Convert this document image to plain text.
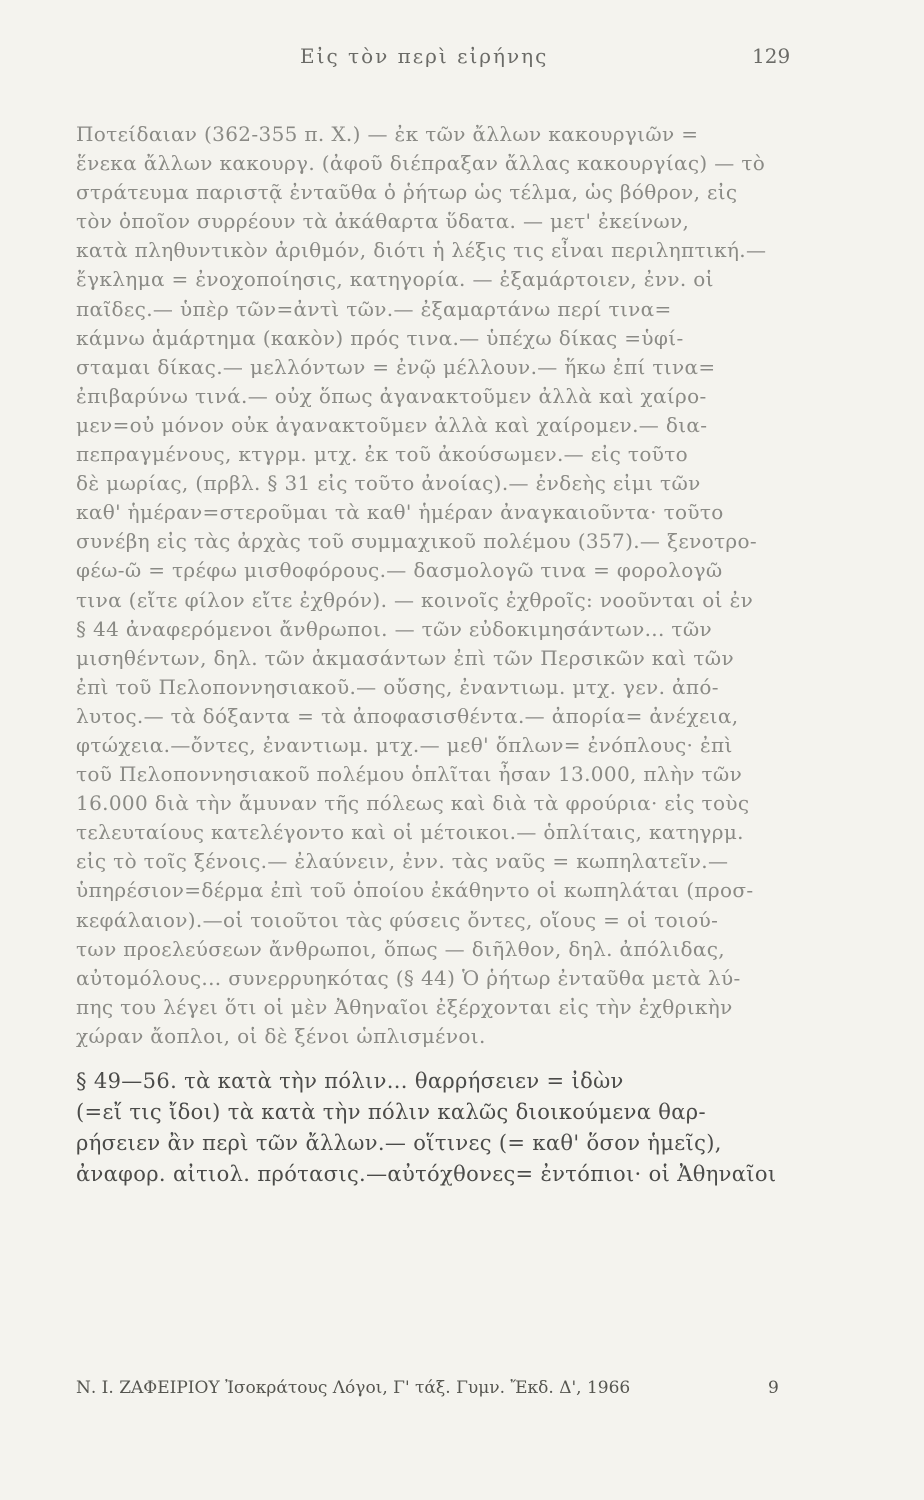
Εἰς τὸν περὶ εἰρήνης	129
Ποτείδαιαν (362-355 π. Χ.) — ἐκ τῶν ἄλλων κακουργιῶν =
ἕνεκα ἄλλων κακουργ. (ἀφοῦ διέπραξαν ἄλλας κακουργίας) — τὸ
στράτευμα παριστᾷ ἐνταῦθα ὁ ῥήτωρ ὡς τέλμα, ὡς βόθρον, εἰς
τὸν ὁποῖον συρρέουν τὰ ἀκάθαρτα ὕδατα. — μετ' ἐκείνων,
κατὰ πληθυντικὸν ἀριθμόν, διότι ἡ λέξις τις εἶναι περιληπτική.—
ἔγκλημα = ἐνοχοποίησις, κατηγορία. — ἐξαμάρτοιεν, ἐνν. οἱ
παῖδες.— ὑπὲρ τῶν=ἀντὶ τῶν.— ἐξαμαρτάνω περί τινα=
κάμνω ἁμάρτημα (κακὸν) πρός τινα.— ὑπέχω δίκας =ὑφί-
σταμαι δίκας.— μελλόντων = ἐνῷ μέλλουν.— ἥκω ἐπί τινα=
ἐπιβαρύνω τινά.— οὐχ ὅπως ἀγανακτοῦμεν ἀλλὰ καὶ χαίρο-
μεν=οὐ μόνον οὐκ ἀγανακτοῦμεν ἀλλὰ καὶ χαίρομεν.— δια-
πεπραγμένους, κτγρμ. μτχ. ἐκ τοῦ ἀκούσωμεν.— εἰς τοῦτο
δὲ μωρίας, (πρβλ. § 31 εἰς τοῦτο ἀνοίας).— ἐνδεὴς εἰμι τῶν
καθ' ἡμέραν=στεροῦμαι τὰ καθ' ἡμέραν ἀναγκαιοῦντα· τοῦτο
συνέβη εἰς τὰς ἀρχὰς τοῦ συμμαχικοῦ πολέμου (357).— ξενοτρο-
φέω-ῶ = τρέφω μισθοφόρους.— δασμολογῶ τινα = φορολογῶ
τινα (εἴτε φίλον εἴτε ἐχθρόν). — κοινοῖς ἐχθροῖς: νοοῦνται οἱ ἐν
§ 44 ἀναφερόμενοι ἄνθρωποι. — τῶν εὐδοκιμησάντων... τῶν
μισηθέντων, δηλ. τῶν ἀκμασάντων ἐπὶ τῶν Περσικῶν καὶ τῶν
ἐπὶ τοῦ Πελοποννησιακοῦ.— οὔσης, ἐναντιωμ. μτχ. γεν. ἀπό-
λυτος.— τὰ δόξαντα = τὰ ἀποφασισθέντα.— ἀπορία= ἀνέχεια,
φτώχεια.—ὄντες, ἐναντιωμ. μτχ.— μεθ' ὅπλων= ἐνόπλους· ἐπὶ
τοῦ Πελοποννησιακοῦ πολέμου ὁπλῖται ἦσαν 13.000, πλὴν τῶν
16.000 διὰ τὴν ἄμυναν τῆς πόλεως καὶ διὰ τὰ φρούρια· εἰς τοὺς
τελευταίους κατελέγοντο καὶ οἱ μέτοικοι.— ὁπλίταις, κατηγρμ.
εἰς τὸ τοῖς ξένοις.— ἐλαύνειν, ἐνν. τὰς ναῦς = κωπηλατεῖν.—
ὑπηρέσιον=δέρμα ἐπὶ τοῦ ὁποίου ἐκάθηντο οἱ κωπηλάται (προσ-
κεφάλαιον).—οἱ τοιοῦτοι τὰς φύσεις ὄντες, οἵους = οἱ τοιού-
των προελεύσεων ἄνθρωποι, ὅπως — διῆλθον, δηλ. ἀπόλιδας,
αὐτομόλους... συνερρυηκότας (§ 44) Ὁ ῥήτωρ ἐνταῦθα μετὰ λύ-
πης του λέγει ὅτι οἱ μὲν Ἀθηναῖοι ἐξέρχονται εἰς τὴν ἐχθρικὴν
χώραν ἄοπλοι, οἱ δὲ ξένοι ὡπλισμένοι.
§ 49—56. τὰ κατὰ τὴν πόλιν... θαρρήσειεν = ἰδὼν
(=εἴ τις ἴδοι) τὰ κατὰ τὴν πόλιν καλῶς διοικούμενα θαρ-
ρήσειεν ἂν περὶ τῶν ἄλλων.— οἵτινες (= καθ' ὅσον ἡμεῖς),
ἀναφορ. αἰτιολ. πρότασις.—αὐτόχθονες= ἐντόπιοι· οἱ Ἀθηναῖοι
Ν. Ι. ΖΑΦΕΙΡΙΟΥ Ἰσοκράτους Λόγοι, Γ' τάξ. Γυμν. Ἔκδ. Δ', 1966	9
